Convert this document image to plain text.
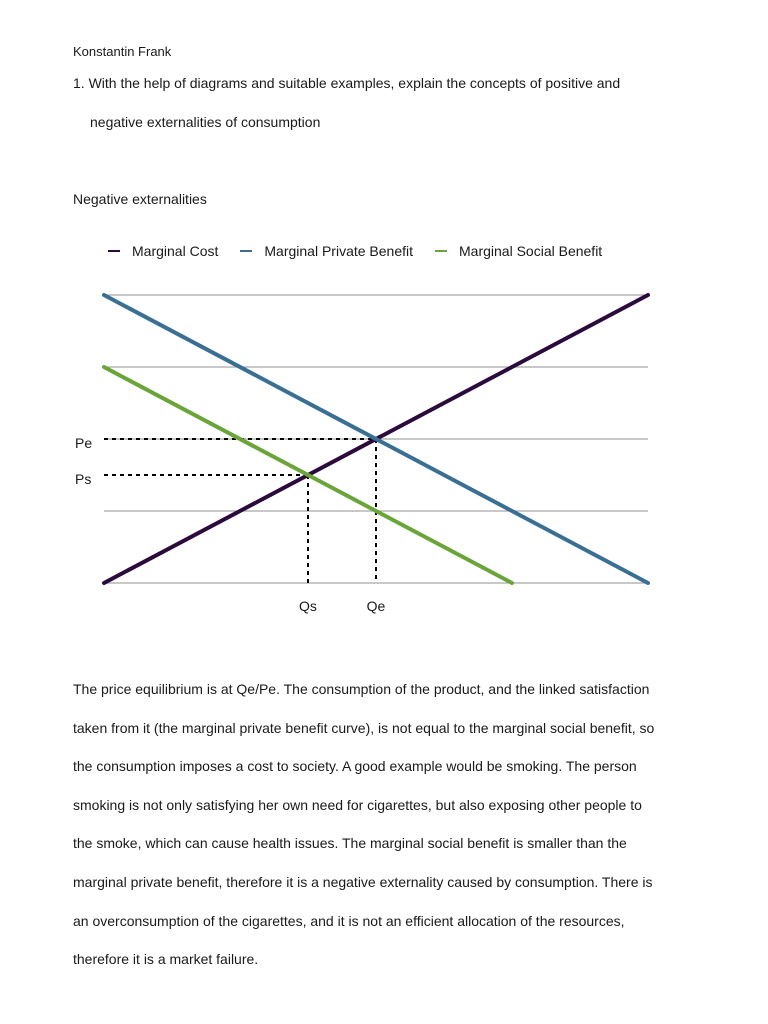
Konstantin Frank
1. With the help of diagrams and suitable examples, explain the concepts of positive and
negative externalities of consumption
Negative externalities
Marginal Cost	Marginal Private Benefit	Marginal Social Benefit
Pe
Qe
Ps
Qs
The price equilibrium is at Qe/Pe. The consumption of the product, and the linked satisfaction
taken from it (the marginal private benefit curve), is not equal to the marginal social benefit, so
the consumption imposes a cost to society. A good example would be smoking. The person
smoking is not only satisfying her own need for cigarettes, but also exposing other people to
the smoke, which can cause health issues. The marginal social benefit is smaller than the
marginal private benefit, therefore it is a negative externality caused by consumption. There is
an overconsumption of the cigarettes, and it is not an efficient allocation of the resources,
therefore it is a market failure.
